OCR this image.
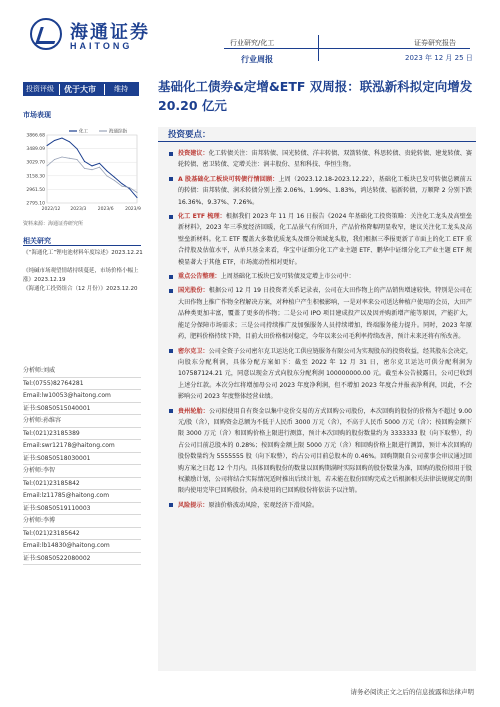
海通证券
HAITONG	行业研究/化工
行业周报
证券研究报告
2023 年 12 月 25 日
投资评级	优于大市	维持 基础化工债券&定增&ETF 双周报：联泓新科拟定向增发 20.20 亿元
市场表现
3866.68
3489.09
3029.70
3158.30
2961.50
2795.10
2022/12 2023/3	2023/6	2023/9
化工	海通综指
资料来源：海通证券研究所
相关研究
《“海通化工”锂电池材料年度综述》2023.12.21
《纯碱市场观望情绪持续蔓延，市场价格小幅上涨》2023.12.19
《海通化工投资组合（12 月份）》2023.12.20
分析师:刘威
Tel:(0755)82764281
Email:lw10053@haitong.com
证书:S0850515040001
分析师:孙维容
Tel:(021)23185389
Email:swr12178@haitong.com
证书:S0850518030001
分析师:李智
Tel:(021)23185842
Email:lz11785@haitong.com
证书:S0850519110003
分析师:李博
Tel:(021)23185642
Email:lb14830@haitong.com
证书:S0850522080002
投资要点：
投资建议：化工转债关注：宙邦转债、国光转债、洋丰转债、双箭转债、科思转债、贵轮转债、建龙转债、赛轮转债、密卫转债、定增关注：润丰股份、星和科技、华恒生物。
A 股基础化工板块可转债行情回顾：上周（2023.12.18-2023.12.22），基础化工板块已发可转债总额前五的转债：宙邦转债、润禾转债分别上涨 2.06%、1.99%、1.83%，鸿达转债、福新转债，万顺降 2 分别下跌 16.36%、9.37%、7.26%。
化工 ETF 梳理：根据我们 2023 年 11 月 16 日报告《2024 年基础化工投资策略：关注化工龙头及高壁垒新材料》，2023 年三季度经济回暖，化工品景气有所回升，产品价格降幅明显收窄，建议关注化工龙头及高壁垒新材料。化工 ETF 覆盖大多数优质龙头及细分领域龙头股，我们根据三季报更新了市面上的化工 ETF 重合持股及估值水平，从单只基金来看，华宝中证细分化工产业主题 ETF、鹏华中证细分化工产业主题 ETF 规模显著大于其他 ETF，市场流动性相对更好。
重点公告整理：上周基础化工板块已发可转债及定增上市公司中：
国光股份：根据公司 12 月 19 日投资者关系记录表，公司在大田作物上的产品销售增速较快，特别是公司在大田作物上推广作物全程解决方案，对种植户产生积极影响，一是对率来公司送达种植户使用的会员，大田产品种类更加丰富，覆盖了更多的作物；二是公司 IPO 项目建成投产以及因并购新增产能等原因，产能扩大，能足分保障市场需求；三是公司持续推广及加强服务人员持续增加，终端服务能力提升。同时，2023 年原药，肥料价格持续下降，目前大田价格相对稳定，今年以来公司毛利率持续改善，预计未来还将有所改善。
密尔克卫：公司全资子公司密尔克卫运达化工供应链服务有限公司为实现股东的投资收益，经其股东会决定，向股东分配利润，具体分配方案如下：截至 2022 年 12 月 31 日，密尔克卫运达可供分配利润为 107587124.21 元，同意以现金方式向股东分配利润 100000000.00 元。截至本公告披露日，公司已收到上述分红款。本次分红将增加母公司 2023 年度净利润，但不增加 2023 年度合并报表净利润，因此，不会影响公司 2023 年度整体经营业绩。
贵州轮胎：公司拟使用自有资金以集中竞价交易的方式回购公司股份，本次回购的股份的价格为不超过 9.00 元/股（含），回购资金总额为不低于人民币 3000 万元（含），不高于人民币 5000 万元（含）；按回购金额下限 3000 万元（含）和回购价格上限进行测算，预计本次回购的股份数量约为 3333333 股（向下取整），约占公司目前总股本的 0.28%；按回购金额上限 5000 万元（含）和回购价格上限进行测算，预计本次回购的股份数量约为 5555555 股（向下取整），约占公司目前总股本的 0.46%。回购期限自公司董事会审议通过回购方案之日起 12 个月内。具体回购股份的数量以回购期满时实际回购的股份数量为准，回购的股份拟用于股权激励计划，公司将结合实际情况适时推出后续计划，若未能在股份回购完成之后根据相关法律法规规定的期限内使用完毕已回购股份，尚未使用的已回购股份将依法予以注销。
风险提示：原油价格波动风险，宏观经济下滑风险。
请务必阅读正文之后的信息披露和法律声明
